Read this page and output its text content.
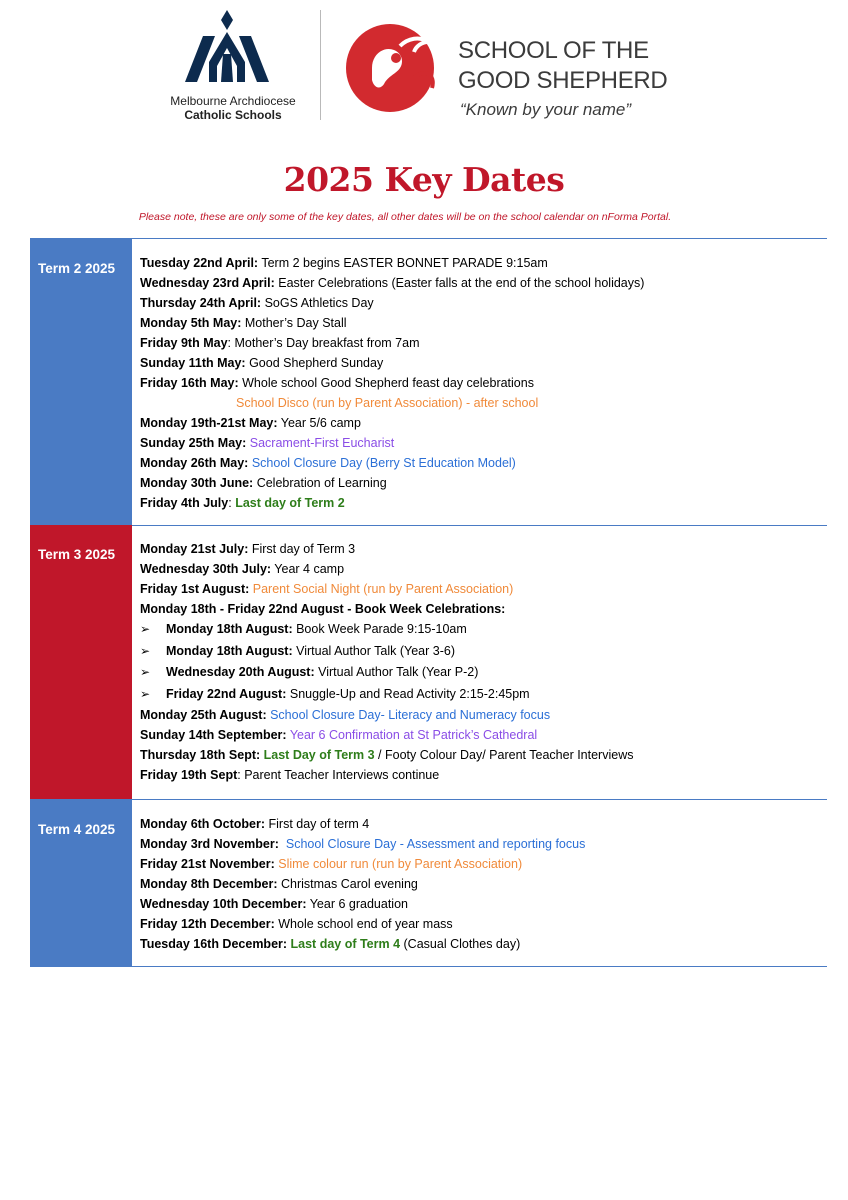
Melbourne Archdiocese
Catholic Schools
SCHOOL OF THE
GOOD SHEPHERD
“Known by your name”
2025 Key Dates
Please note, these are only some of the key dates, all other dates will be on the school calendar on nForma Portal.
Term 2 2025 Tuesday 22nd April: Term 2 begins EASTER BONNET PARADE 9:15am
Wednesday 23rd April: Easter Celebrations (Easter falls at the end of the school holidays)
Thursday 24th April: SoGS Athletics Day
Monday 5th May: Mother’s Day Stall
Friday 9th May: Mother’s Day breakfast from 7am
Sunday 11th May: Good Shepherd Sunday
Friday 16th May: Whole school Good Shepherd feast day celebrations
School Disco (run by Parent Association) - after school
Monday 19th-21st May: Year 5/6 camp
Sunday 25th May: Sacrament-First Eucharist
Monday 26th May: School Closure Day (Berry St Education Model)
Monday 30th June: Celebration of Learning
Friday 4th July: Last day of Term 2
Term 3 2025 Monday 21st July: First day of Term 3
Wednesday 30th July: Year 4 camp
Friday 1st August: Parent Social Night (run by Parent Association)
Monday 18th - Friday 22nd August - Book Week Celebrations:
➢ Monday 18th August: Book Week Parade 9:15-10am
➢ Monday 18th August: Virtual Author Talk (Year 3-6)
➢ Wednesday 20th August: Virtual Author Talk (Year P-2)
➢ Friday 22nd August: Snuggle-Up and Read Activity 2:15-2:45pm
Monday 25th August: School Closure Day- Literacy and Numeracy focus
Sunday 14th September: Year 6 Confirmation at St Patrick’s Cathedral
Thursday 18th Sept: Last Day of Term 3 / Footy Colour Day/ Parent Teacher Interviews
Friday 19th Sept: Parent Teacher Interviews continue
Term 4 2025 Monday 6th October: First day of term 4
Monday 3rd November:  School Closure Day - Assessment and reporting focus
Friday 21st November: Slime colour run (run by Parent Association)
Monday 8th December: Christmas Carol evening
Wednesday 10th December: Year 6 graduation
Friday 12th December: Whole school end of year mass
Tuesday 16th December: Last day of Term 4 (Casual Clothes day)
